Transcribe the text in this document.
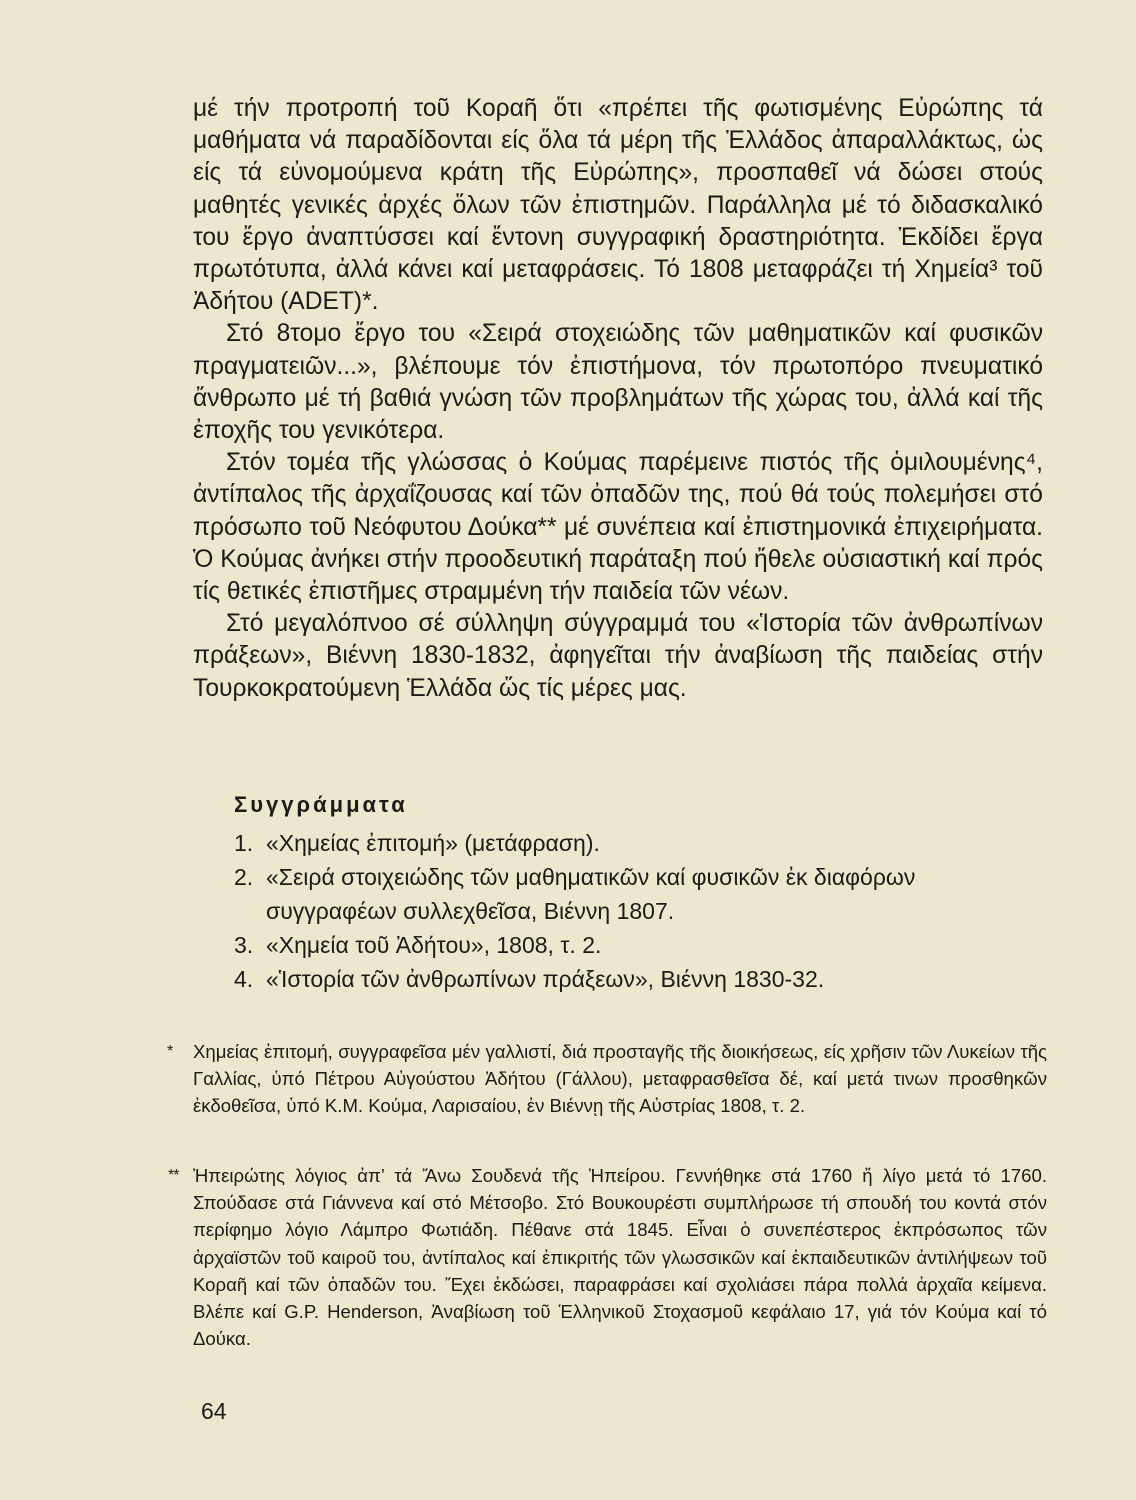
μέ τήν προτροπή τοῦ Κοραῆ ὅτι «πρέπει τῆς φωτισμένης Εὐρώπης τά μαθήματα νά παραδίδονται είς ὅλα τά μέρη τῆς Ἑλλάδος ἀπαραλλάκτως, ὡς είς τά εὐνομούμενα κράτη τῆς Εὐρώπης», προσπαθεῖ νά δώσει στούς μαθητές γενικές ἀρχές ὅλων τῶν ἐπιστημῶν. Παράλληλα μέ τό διδασκαλικό του ἔργο ἀναπτύσσει καί ἔντονη συγγραφική δραστηριότητα. Ἐκδίδει ἔργα πρωτότυπα, ἀλλά κάνει καί μεταφράσεις. Τό 1808 μεταφράζει τή Χημεία³ τοῦ Ἀδήτου (ADET)*.

Στό 8τομο ἔργο του «Σειρά στοχειώδης τῶν μαθηματικῶν καί φυσικῶν πραγματειῶν...», βλέπουμε τόν ἐπιστήμονα, τόν πρωτοπόρο πνευματικό ἄνθρωπο μέ τή βαθιά γνώση τῶν προβλημάτων τῆς χώρας του, ἀλλά καί τῆς ἐποχῆς του γενικότερα.

Στόν τομέα τῆς γλώσσας ὁ Κούμας παρέμεινε πιστός τῆς ὁμιλουμένης⁴, ἀντίπαλος τῆς ἀρχαΐζουσας καί τῶν ὀπαδῶν της, πού θά τούς πολεμήσει στό πρόσωπο τοῦ Νεόφυτου Δούκα** μέ συνέπεια καί ἐπιστημονικά ἐπιχειρήματα. Ὁ Κούμας ἀνήκει στήν προοδευτική παράταξη πού ἤθελε οὐσιαστική καί πρός τίς θετικές ἐπιστῆμες στραμμένη τήν παιδεία τῶν νέων.

Στό μεγαλόπνοο σέ σύλληψη σύγγραμμά του «Ἱστορία τῶν ἀνθρωπίνων πράξεων», Βιέννη 1830-1832, ἀφηγεῖται τήν ἀναβίωση τῆς παιδείας στήν Τουρκοκρατούμενη Ἑλλάδα ὥς τίς μέρες μας.

Συγγράμματα
1. «Χημείας ἐπιτομή» (μετάφραση).
2. «Σειρά στοιχειώδης τῶν μαθηματικῶν καί φυσικῶν ἐκ διαφόρων συγγραφέων συλλεχθεῖσα, Βιέννη 1807.
3. «Χημεία τοῦ Ἀδήτου», 1808, τ. 2.
4. «Ἱστορία τῶν ἀνθρωπίνων πράξεων», Βιέννη 1830-32.
* Χημείας ἐπιτομή, συγγραφεῖσα μέν γαλλιστί, διά προσταγῆς τῆς διοικήσεως, είς χρῆσιν τῶν Λυκείων τῆς Γαλλίας, ὑπό Πέτρου Αὐγούστου Ἀδήτου (Γάλλου), μεταφρασθεῖσα δέ, καί μετά τινων προσθηκῶν ἐκδοθεῖσα, ὑπό Κ.Μ. Κούμα, Λαρισαίου, ἐν Βιέννῃ τῆς Αὐστρίας 1808, τ. 2.
** Ἠπειρώτης λόγιος ἀπ’ τά Ἄνω Σουδενά τῆς Ἠπείρου. Γεννήθηκε στά 1760 ἤ λίγο μετά τό 1760. Σπούδασε στά Γιάννενα καί στό Μέτσοβο. Στό Βουκουρέστι συμπλήρωσε τή σπουδή του κοντά στόν περίφημο λόγιο Λάμπρο Φωτιάδη. Πέθανε στά 1845. Εἶναι ὁ συνεπέστερος ἐκπρόσωπος τῶν ἀρχαϊστῶν τοῦ καιροῦ του, ἀντίπαλος καί ἐπικριτής τῶν γλωσσικῶν καί ἐκπαιδευτικῶν ἀντιλήψεων τοῦ Κοραῆ καί τῶν ὀπαδῶν του. Ἔχει ἐκδώσει, παραφράσει καί σχολιάσει πάρα πολλά ἀρχαῖα κείμενα. Βλέπε καί G.P. Henderson, Ἀναβίωση τοῦ Ἑλληνικοῦ Στοχασμοῦ κεφάλαιο 17, γιά τόν Κούμα καί τό Δούκα.

64
